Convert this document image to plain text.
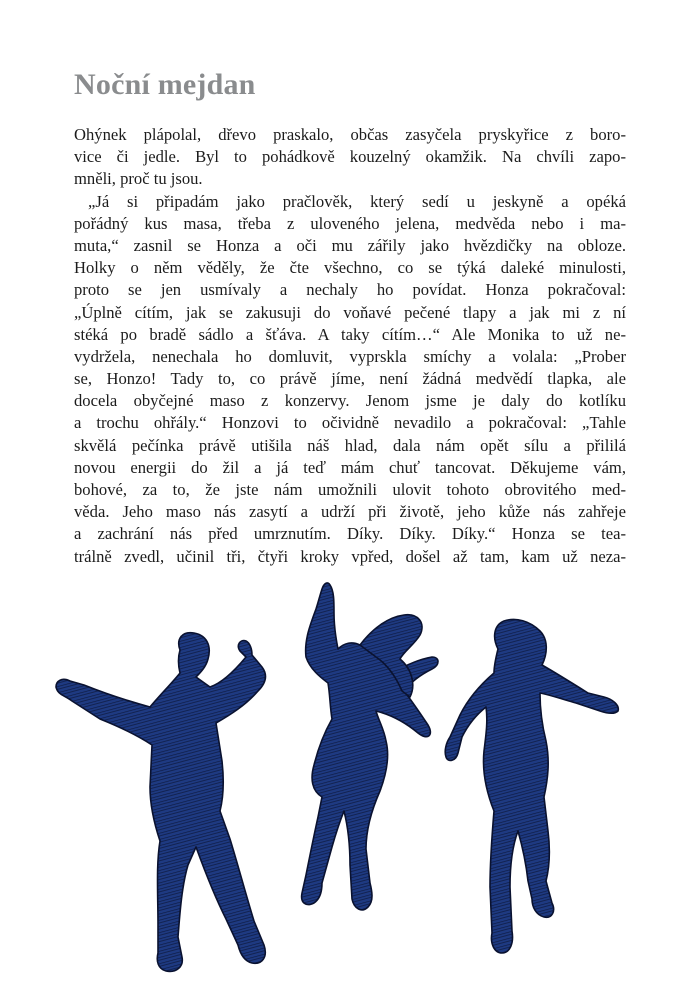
Noční mejdan
Ohýnek plápolal, dřevo praskalo, občas zasyčela pryskyřice z boro-
vice či jedle. Byl to pohádkově kouzelný okamžik. Na chvíli zapo-
mněli, proč tu jsou.
„Já si připadám jako pračlověk, který sedí u jeskyně a opéká
pořádný kus masa, třeba z uloveného jelena, medvěda nebo i ma-
muta,“ zasnil se Honza a oči mu zářily jako hvězdičky na obloze.
Holky o něm věděly, že čte všechno, co se týká daleké minulosti,
proto se jen usmívaly a nechaly ho povídat. Honza pokračoval:
„Úplně cítím, jak se zakusuji do voňavé pečené tlapy a jak mi z ní
stéká po bradě sádlo a šťáva. A taky cítím…“ Ale Monika to už ne-
vydržela, nenechala ho domluvit, vyprskla smíchy a volala: „Prober
se, Honzo! Tady to, co právě jíme, není žádná medvědí tlapka, ale
docela obyčejné maso z konzervy. Jenom jsme je daly do kotlíku
a trochu ohřály.“ Honzovi to očividně nevadilo a pokračoval: „Tahle
skvělá pečínka právě utišila náš hlad, dala nám opět sílu a přililá
novou energii do žil a já teď mám chuť tancovat. Děkujeme vám,
bohové, za to, že jste nám umožnili ulovit tohoto obrovitého med-
věda. Jeho maso nás zasytí a udrží při životě, jeho kůže nás zahřeje
a zachrání nás před umrznutím. Díky. Díky. Díky.“ Honza se tea-
trálně zvedl, učinil tři, čtyři kroky vpřed, došel až tam, kam už neza-
